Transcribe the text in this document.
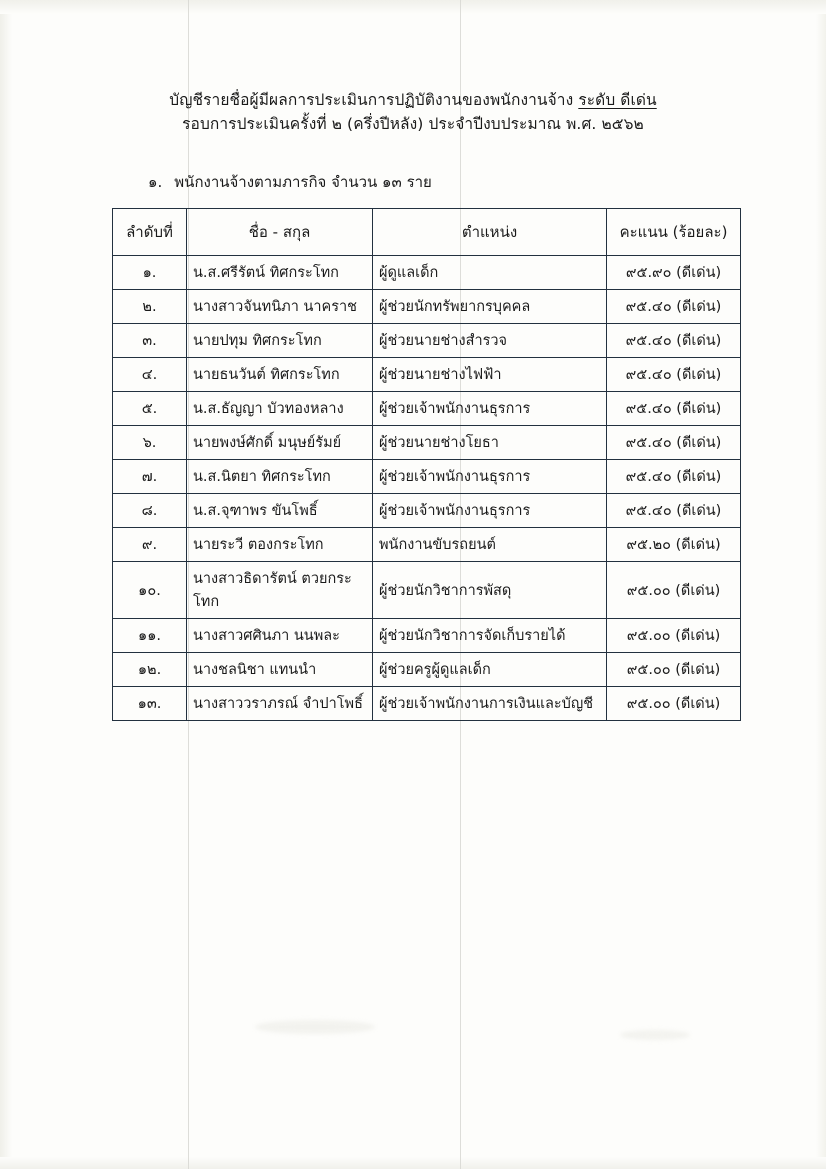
บัญชีรายชื่อผู้มีผลการประเมินการปฏิบัติงานของพนักงานจ้าง ระดับ ดีเด่น
รอบการประเมินครั้งที่ ๒ (ครึ่งปีหลัง) ประจำปีงบประมาณ พ.ศ. ๒๕๖๒
๑. พนักงานจ้างตามภารกิจ จำนวน ๑๓ ราย
ลำดับที่	ชื่อ - สกุล	ตำแหน่ง	คะแนน (ร้อยละ)
๑.	น.ส.ศรีรัตน์ ทิศกระโทก	ผู้ดูแลเด็ก	๙๕.๙๐ (ดีเด่น)
๒.	นางสาวจันทนิภา นาคราช	ผู้ช่วยนักทรัพยากรบุคคล	๙๕.๔๐ (ดีเด่น)
๓.	นายปทุม ทิศกระโทก	ผู้ช่วยนายช่างสำรวจ	๙๕.๔๐ (ดีเด่น)
๔.	นายธนวันต์ ทิศกระโทก	ผู้ช่วยนายช่างไฟฟ้า	๙๕.๔๐ (ดีเด่น)
๕.	น.ส.ธัญญา บัวทองหลาง	ผู้ช่วยเจ้าพนักงานธุรการ	๙๕.๔๐ (ดีเด่น)
๖.	นายพงษ์ศักดิ์ มนุษย์รัมย์	ผู้ช่วยนายช่างโยธา	๙๕.๔๐ (ดีเด่น)
๗.	น.ส.นิตยา ทิศกระโทก	ผู้ช่วยเจ้าพนักงานธุรการ	๙๕.๔๐ (ดีเด่น)
๘.	น.ส.จุฑาพร ขันโพธิ์	ผู้ช่วยเจ้าพนักงานธุรการ	๙๕.๔๐ (ดีเด่น)
๙.	นายระวี ตองกระโทก	พนักงานขับรถยนต์	๙๕.๒๐ (ดีเด่น)
๑๐.	นางสาวธิดารัตน์ ตวยกระโทก	ผู้ช่วยนักวิชาการพัสดุ	๙๕.๐๐ (ดีเด่น)
๑๑.	นางสาวศศินภา นนพละ	ผู้ช่วยนักวิชาการจัดเก็บรายได้	๙๕.๐๐ (ดีเด่น)
๑๒.	นางชลนิชา แทนนำ	ผู้ช่วยครูผู้ดูแลเด็ก	๙๕.๐๐ (ดีเด่น)
๑๓.	นางสาววราภรณ์ จำปาโพธิ์	ผู้ช่วยเจ้าพนักงานการเงินและบัญชี	๙๕.๐๐ (ดีเด่น)
